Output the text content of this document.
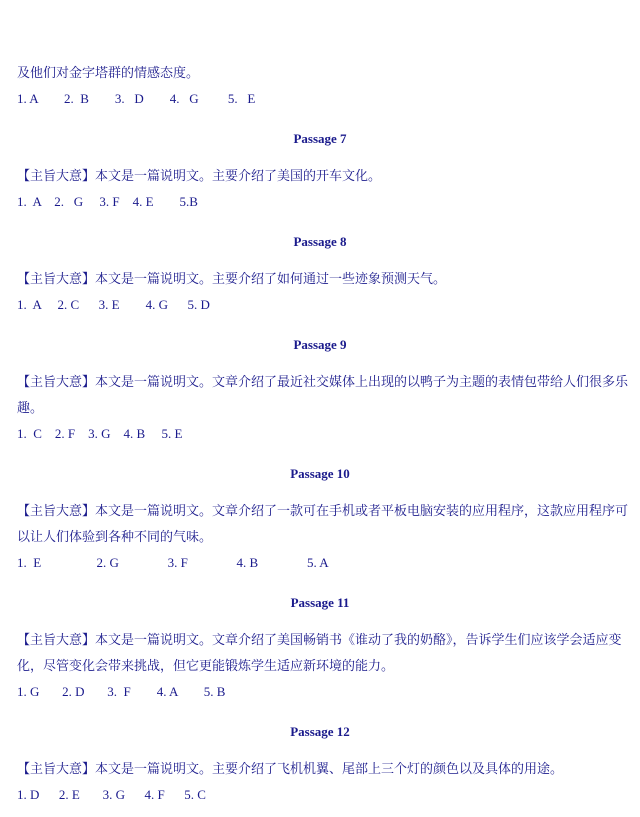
及他们对金字塔群的情感态度。
1. A        2.  B        3.   D        4.   G         5.   E
Passage 7
【主旨大意】本文是一篇说明文。主要介绍了美国的开车文化。
1.  A    2.   G     3. F    4. E        5.B
Passage 8
【主旨大意】本文是一篇说明文。主要介绍了如何通过一些迹象预测天气。
1.  A     2. C      3. E        4. G      5. D
Passage 9
【主旨大意】本文是一篇说明文。文章介绍了最近社交媒体上出现的以鸭子为主题的表情包带给人们很多乐
趣。
1.  C    2. F    3. G    4. B     5. E
Passage 10
【主旨大意】本文是一篇说明文。文章介绍了一款可在手机或者平板电脑安装的应用程序，这款应用程序可
以让人们体验到各种不同的气味。
1.  E                 2. G               3. F               4. B               5. A
Passage 11
【主旨大意】本文是一篇说明文。文章介绍了美国畅销书《谁动了我的奶酪》，告诉学生们应该学会适应变
化，尽管变化会带来挑战，但它更能锻炼学生适应新环境的能力。
1. G       2. D       3.  F        4. A        5. B
Passage 12
【主旨大意】本文是一篇说明文。主要介绍了飞机机翼、尾部上三个灯的颜色以及具体的用途。
1. D      2. E       3. G      4. F      5. C
